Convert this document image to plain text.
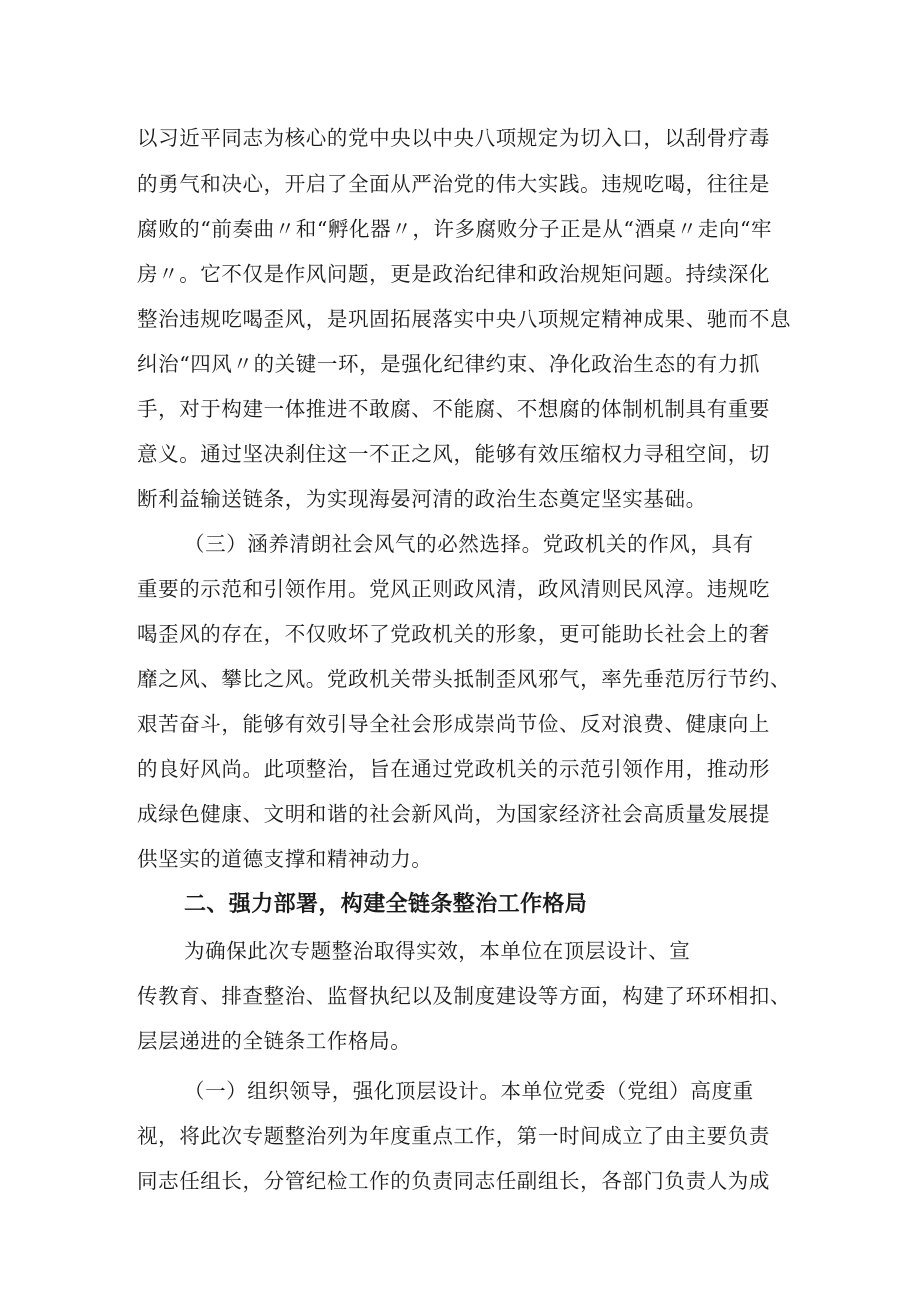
以习近平同志为核心的党中央以中央八项规定为切入口，以刮骨疗毒
的勇气和决心，开启了全面从严治党的伟大实践。违规吃喝，往往是
腐败的“前奏曲〃和“孵化器〃，许多腐败分子正是从“酒桌〃走向“牢
房〃。它不仅是作风问题，更是政治纪律和政治规矩问题。持续深化
整治违规吃喝歪风，是巩固拓展落实中央八项规定精神成果、驰而不息
纠治“四风〃的关键一环，是强化纪律约束、净化政治生态的有力抓
手，对于构建一体推进不敢腐、不能腐、不想腐的体制机制具有重要
意义。通过坚决刹住这一不正之风，能够有效压缩权力寻租空间，切
断利益输送链条，为实现海晏河清的政治生态奠定坚实基础。
（三）涵养清朗社会风气的必然选择。党政机关的作风，具有
重要的示范和引领作用。党风正则政风清，政风清则民风淳。违规吃
喝歪风的存在，不仅败坏了党政机关的形象，更可能助长社会上的奢
靡之风、攀比之风。党政机关带头抵制歪风邪气，率先垂范厉行节约、
艰苦奋斗，能够有效引导全社会形成崇尚节俭、反对浪费、健康向上
的良好风尚。此项整治，旨在通过党政机关的示范引领作用，推动形
成绿色健康、文明和谐的社会新风尚，为国家经济社会高质量发展提
供坚实的道德支撑和精神动力。
二、强力部署，构建全链条整治工作格局
为确保此次专题整治取得实效，本单位在顶层设计、宣
传教育、排查整治、监督执纪以及制度建设等方面，构建了环环相扣、
层层递进的全链条工作格局。
（一）组织领导，强化顶层设计。本单位党委（党组）高度重
视，将此次专题整治列为年度重点工作，第一时间成立了由主要负责
同志任组长，分管纪检工作的负责同志任副组长，各部门负责人为成
